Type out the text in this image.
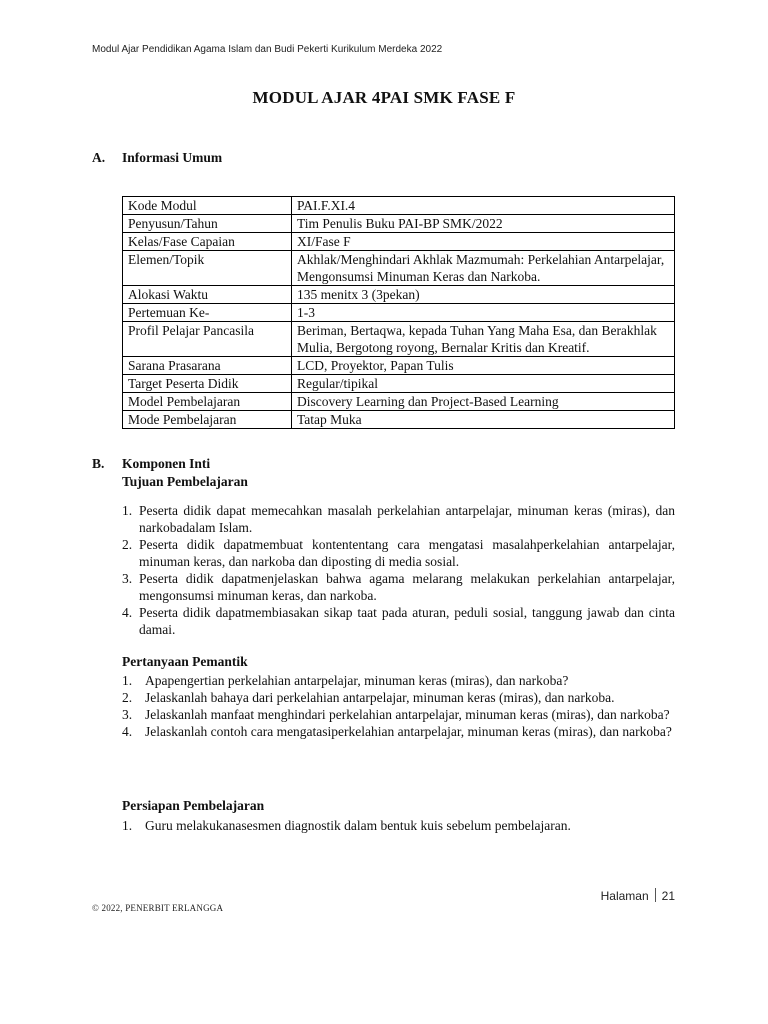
Modul Ajar Pendidikan Agama Islam dan Budi Pekerti Kurikulum Merdeka 2022
MODUL AJAR 4PAI SMK FASE F
A. Informasi Umum
Kode Modul	PAI.F.XI.4
Penyusun/Tahun	Tim Penulis Buku PAI-BP SMK/2022
Kelas/Fase Capaian	XI/Fase F
Elemen/Topik	Akhlak/Menghindari Akhlak Mazmumah: Perkelahian Antarpelajar, Mengonsumsi Minuman Keras dan Narkoba.
Alokasi Waktu	135 menitx 3 (3pekan)
Pertemuan Ke-	1-3
Profil Pelajar Pancasila	Beriman, Bertaqwa, kepada Tuhan Yang Maha Esa, dan Berakhlak Mulia, Bergotong royong, Bernalar Kritis dan Kreatif.
Sarana Prasarana	LCD, Proyektor, Papan Tulis
Target Peserta Didik	Regular/tipikal
Model Pembelajaran	Discovery Learning dan Project-Based Learning
Mode Pembelajaran	Tatap Muka
B. Komponen Inti
Tujuan Pembelajaran
1. Peserta didik dapat memecahkan masalah perkelahian antarpelajar, minuman keras (miras), dan narkobadalam Islam.
2. Peserta didik dapatmembuat kontententang cara mengatasi masalahperkelahian antarpelajar, minuman keras, dan narkoba dan diposting di media sosial.
3. Peserta didik dapatmenjelaskan bahwa agama melarang melakukan perkelahian antarpelajar, mengonsumsi minuman keras, dan narkoba.
4. Peserta didik dapatmembiasakan sikap taat pada aturan, peduli sosial, tanggung jawab dan cinta damai.
Pertanyaan Pemantik
1. Apapengertian perkelahian antarpelajar, minuman keras (miras), dan narkoba?
2. Jelaskanlah bahaya dari perkelahian antarpelajar, minuman keras (miras), dan narkoba.
3. Jelaskanlah manfaat menghindari perkelahian antarpelajar, minuman keras (miras), dan narkoba?
4. Jelaskanlah contoh cara mengatasiperkelahian antarpelajar, minuman keras (miras), dan narkoba?
Persiapan Pembelajaran
1. Guru melakukanasesmen diagnostik dalam bentuk kuis sebelum pembelajaran.
Halaman 21
© 2022, PENERBIT ERLANGGA
